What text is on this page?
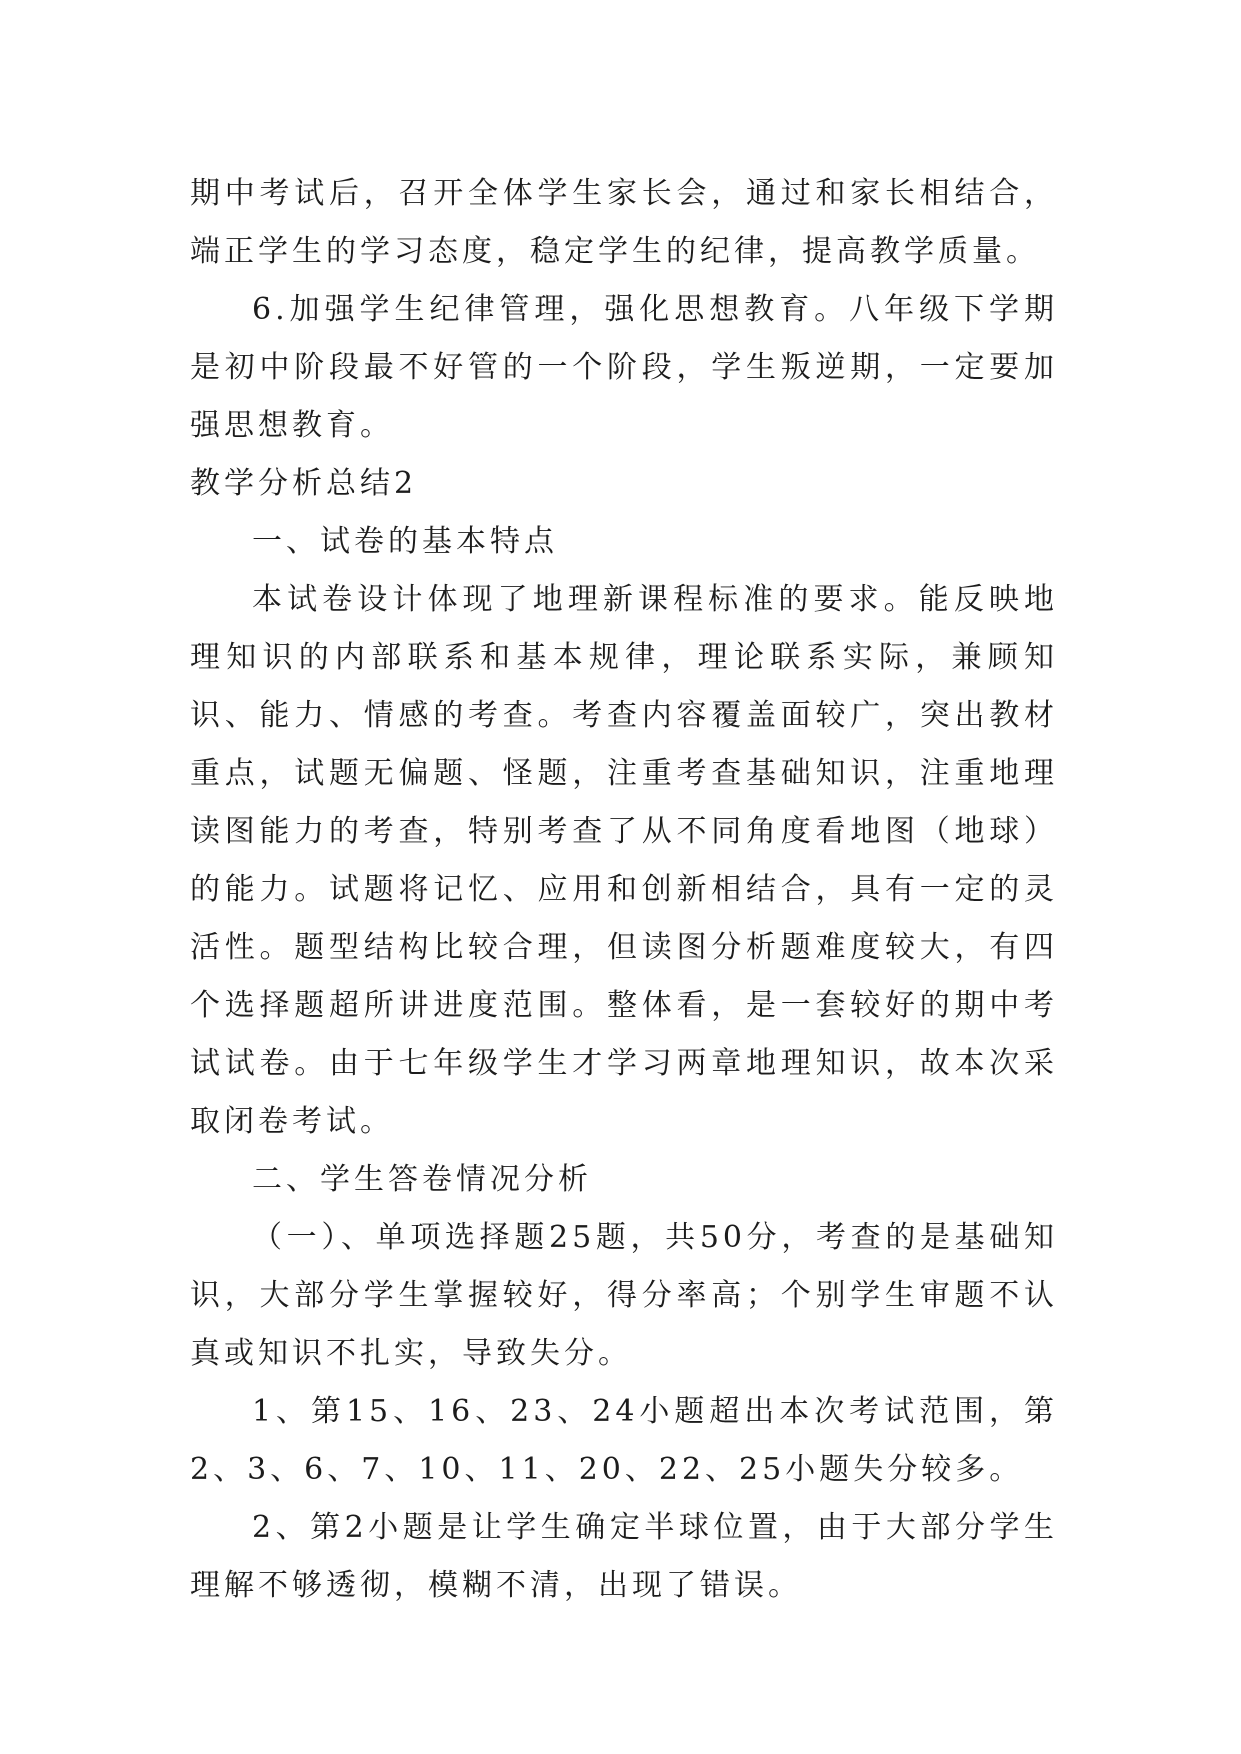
期中考试后，召开全体学生家长会，通过和家长相结合，端正学生的学习态度，稳定学生的纪律，提高教学质量。

6.加强学生纪律管理，强化思想教育。八年级下学期是初中阶段最不好管的一个阶段，学生叛逆期，一定要加强思想教育。

教学分析总结2

一、试卷的基本特点

本试卷设计体现了地理新课程标准的要求。能反映地理知识的内部联系和基本规律，理论联系实际，兼顾知识、能力、情感的考查。考查内容覆盖面较广，突出教材重点，试题无偏题、怪题，注重考查基础知识，注重地理读图能力的考查，特别考查了从不同角度看地图（地球）的能力。试题将记忆、应用和创新相结合，具有一定的灵活性。题型结构比较合理，但读图分析题难度较大，有四个选择题超所讲进度范围。整体看，是一套较好的期中考试试卷。由于七年级学生才学习两章地理知识，故本次采取闭卷考试。

二、学生答卷情况分析

（一）、单项选择题25题，共50分，考查的是基础知识，大部分学生掌握较好，得分率高；个别学生审题不认真或知识不扎实，导致失分。

1、第15、16、23、24小题超出本次考试范围，第2、3、6、7、10、11、20、22、25小题失分较多。

2、第2小题是让学生确定半球位置，由于大部分学生理解不够透彻，模糊不清，出现了错误。
